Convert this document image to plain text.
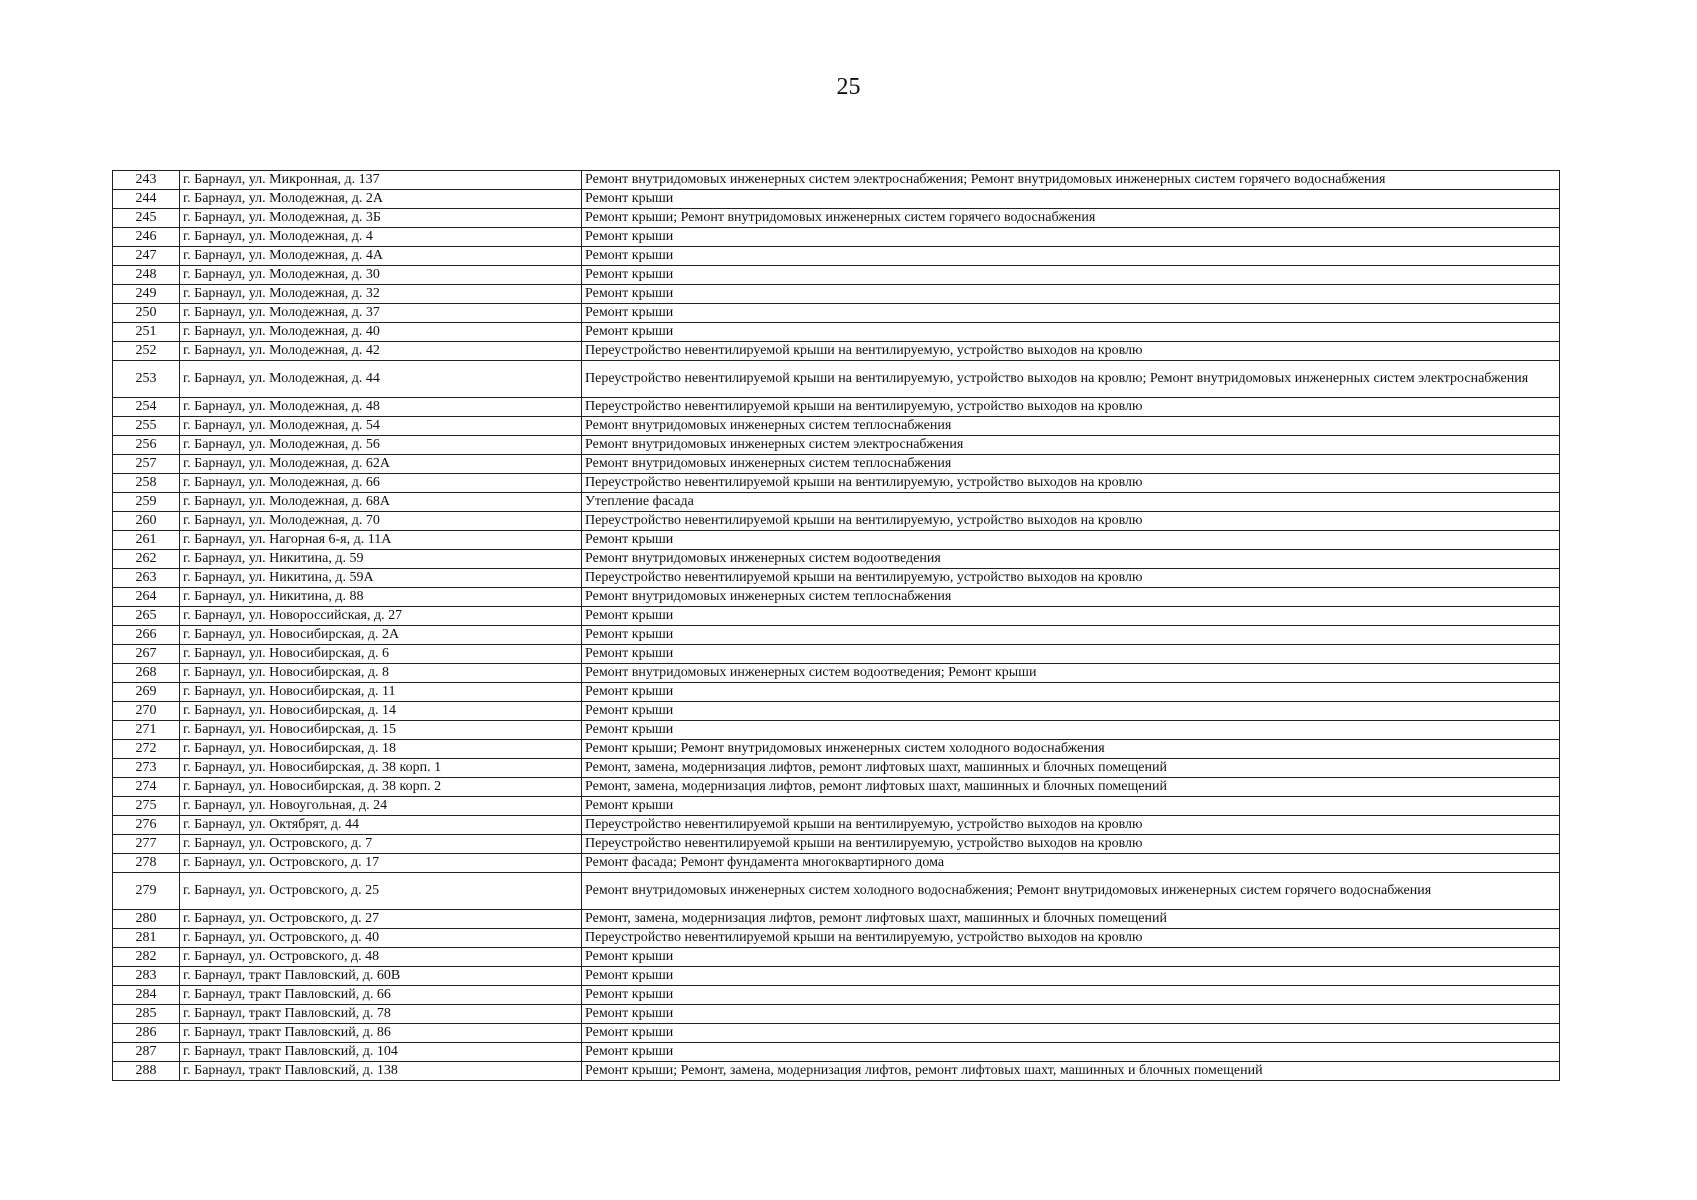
25
243	г. Барнаул, ул. Микронная, д. 137	Ремонт внутридомовых инженерных систем электроснабжения; Ремонт внутридомовых инженерных систем горячего водоснабжения
244	г. Барнаул, ул. Молодежная, д. 2А	Ремонт крыши
245	г. Барнаул, ул. Молодежная, д. 3Б	Ремонт крыши; Ремонт внутридомовых инженерных систем горячего водоснабжения
246	г. Барнаул, ул. Молодежная, д. 4	Ремонт крыши
247	г. Барнаул, ул. Молодежная, д. 4А	Ремонт крыши
248	г. Барнаул, ул. Молодежная, д. 30	Ремонт крыши
249	г. Барнаул, ул. Молодежная, д. 32	Ремонт крыши
250	г. Барнаул, ул. Молодежная, д. 37	Ремонт крыши
251	г. Барнаул, ул. Молодежная, д. 40	Ремонт крыши
252	г. Барнаул, ул. Молодежная, д. 42	Переустройство невентилируемой крыши на вентилируемую, устройство выходов на кровлю
253	г. Барнаул, ул. Молодежная, д. 44	Переустройство невентилируемой крыши на вентилируемую, устройство выходов на кровлю; Ремонт внутридомовых инженерных систем электроснабжения
254	г. Барнаул, ул. Молодежная, д. 48	Переустройство невентилируемой крыши на вентилируемую, устройство выходов на кровлю
255	г. Барнаул, ул. Молодежная, д. 54	Ремонт внутридомовых инженерных систем теплоснабжения
256	г. Барнаул, ул. Молодежная, д. 56	Ремонт внутридомовых инженерных систем электроснабжения
257	г. Барнаул, ул. Молодежная, д. 62А	Ремонт внутридомовых инженерных систем теплоснабжения
258	г. Барнаул, ул. Молодежная, д. 66	Переустройство невентилируемой крыши на вентилируемую, устройство выходов на кровлю
259	г. Барнаул, ул. Молодежная, д. 68А	Утепление фасада
260	г. Барнаул, ул. Молодежная, д. 70	Переустройство невентилируемой крыши на вентилируемую, устройство выходов на кровлю
261	г. Барнаул, ул. Нагорная 6-я, д. 11А	Ремонт крыши
262	г. Барнаул, ул. Никитина, д. 59	Ремонт внутридомовых инженерных систем водоотведения
263	г. Барнаул, ул. Никитина, д. 59А	Переустройство невентилируемой крыши на вентилируемую, устройство выходов на кровлю
264	г. Барнаул, ул. Никитина, д. 88	Ремонт внутридомовых инженерных систем теплоснабжения
265	г. Барнаул, ул. Новороссийская, д. 27	Ремонт крыши
266	г. Барнаул, ул. Новосибирская, д. 2А	Ремонт крыши
267	г. Барнаул, ул. Новосибирская, д. 6	Ремонт крыши
268	г. Барнаул, ул. Новосибирская, д. 8	Ремонт внутридомовых инженерных систем водоотведения; Ремонт крыши
269	г. Барнаул, ул. Новосибирская, д. 11	Ремонт крыши
270	г. Барнаул, ул. Новосибирская, д. 14	Ремонт крыши
271	г. Барнаул, ул. Новосибирская, д. 15	Ремонт крыши
272	г. Барнаул, ул. Новосибирская, д. 18	Ремонт крыши; Ремонт внутридомовых инженерных систем холодного водоснабжения
273	г. Барнаул, ул. Новосибирская, д. 38 корп. 1	Ремонт, замена, модернизация лифтов, ремонт лифтовых шахт, машинных и блочных помещений
274	г. Барнаул, ул. Новосибирская, д. 38 корп. 2	Ремонт, замена, модернизация лифтов, ремонт лифтовых шахт, машинных и блочных помещений
275	г. Барнаул, ул. Новоугольная, д. 24	Ремонт крыши
276	г. Барнаул, ул. Октябрят, д. 44	Переустройство невентилируемой крыши на вентилируемую, устройство выходов на кровлю
277	г. Барнаул, ул. Островского, д. 7	Переустройство невентилируемой крыши на вентилируемую, устройство выходов на кровлю
278	г. Барнаул, ул. Островского, д. 17	Ремонт фасада; Ремонт фундамента многоквартирного дома
279	г. Барнаул, ул. Островского, д. 25	Ремонт внутридомовых инженерных систем холодного водоснабжения; Ремонт внутридомовых инженерных систем горячего водоснабжения
280	г. Барнаул, ул. Островского, д. 27	Ремонт, замена, модернизация лифтов, ремонт лифтовых шахт, машинных и блочных помещений
281	г. Барнаул, ул. Островского, д. 40	Переустройство невентилируемой крыши на вентилируемую, устройство выходов на кровлю
282	г. Барнаул, ул. Островского, д. 48	Ремонт крыши
283	г. Барнаул, тракт Павловский, д. 60В	Ремонт крыши
284	г. Барнаул, тракт Павловский, д. 66	Ремонт крыши
285	г. Барнаул, тракт Павловский, д. 78	Ремонт крыши
286	г. Барнаул, тракт Павловский, д. 86	Ремонт крыши
287	г. Барнаул, тракт Павловский, д. 104	Ремонт крыши
288	г. Барнаул, тракт Павловский, д. 138	Ремонт крыши; Ремонт, замена, модернизация лифтов, ремонт лифтовых шахт, машинных и блочных помещений
